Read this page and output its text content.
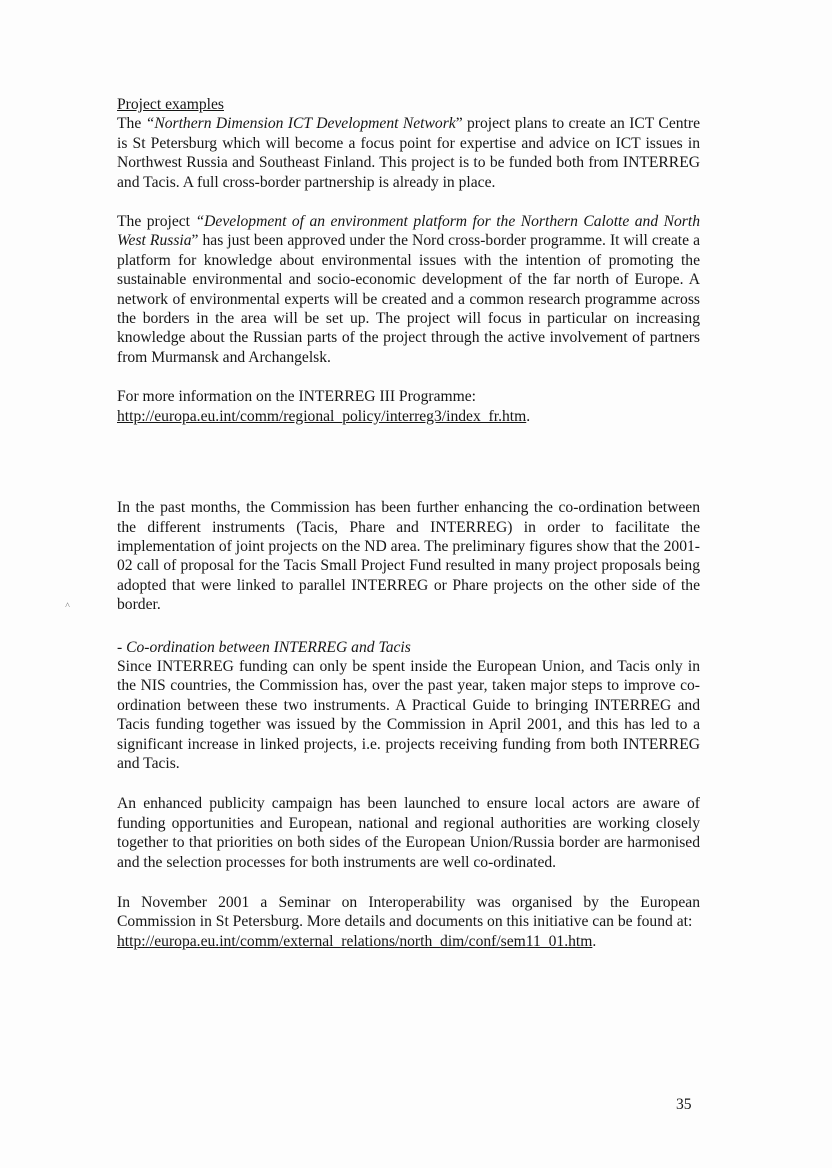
Project examples

The “Northern Dimension ICT Development Network” project plans to create an ICT Centre is St Petersburg which will become a focus point for expertise and advice on ICT issues in Northwest Russia and Southeast Finland. This project is to be funded both from INTERREG and Tacis. A full cross-border partnership is already in place.

The project “Development of an environment platform for the Northern Calotte and North West Russia” has just been approved under the Nord cross-border programme. It will create a platform for knowledge about environmental issues with the intention of promoting the sustainable environmental and socio-economic development of the far north of Europe. A network of environmental experts will be created and a common research programme across the borders in the area will be set up. The project will focus in particular on increasing knowledge about the Russian parts of the project through the active involvement of partners from Murmansk and Archangelsk.

For more information on the INTERREG III Programme:
http://europa.eu.int/comm/regional_policy/interreg3/index_fr.htm.

In the past months, the Commission has been further enhancing the co-ordination between the different instruments (Tacis, Phare and INTERREG) in order to facilitate the implementation of joint projects on the ND area. The preliminary figures show that the 2001-02 call of proposal for the Tacis Small Project Fund resulted in many project proposals being adopted that were linked to parallel INTERREG or Phare projects on the other side of the border.

- Co-ordination between INTERREG and Tacis

Since INTERREG funding can only be spent inside the European Union, and Tacis only in the NIS countries, the Commission has, over the past year, taken major steps to improve co-ordination between these two instruments. A Practical Guide to bringing INTERREG and Tacis funding together was issued by the Commission in April 2001, and this has led to a significant increase in linked projects, i.e. projects receiving funding from both INTERREG and Tacis.

An enhanced publicity campaign has been launched to ensure local actors are aware of funding opportunities and European, national and regional authorities are working closely together to that priorities on both sides of the European Union/Russia border are harmonised and the selection processes for both instruments are well co-ordinated.

In November 2001 a Seminar on Interoperability was organised by the European Commission in St Petersburg. More details and documents on this initiative can be found at:
http://europa.eu.int/comm/external_relations/north_dim/conf/sem11_01.htm.
˄
35
